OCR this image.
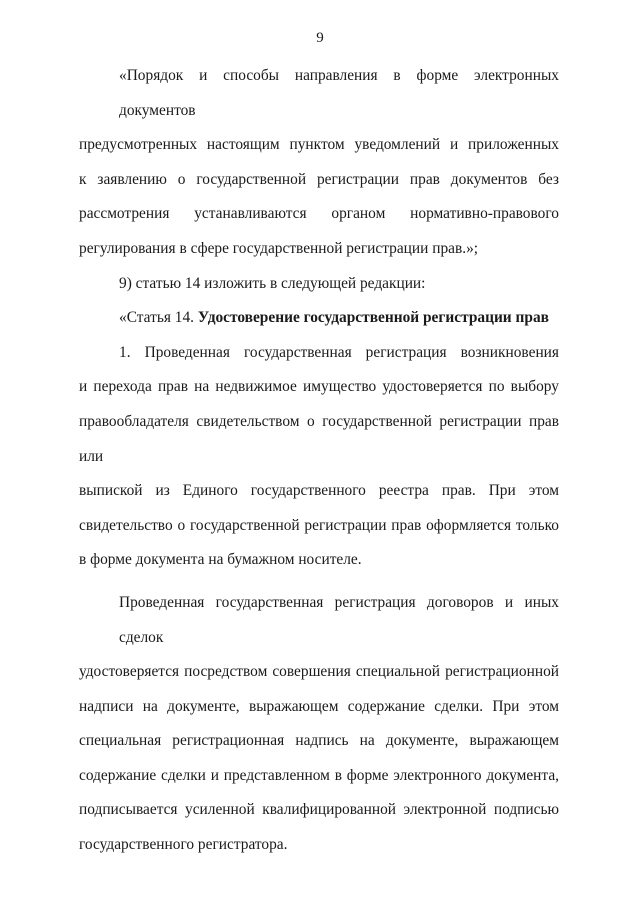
9
«Порядок и способы направления в форме электронных документов
предусмотренных настоящим пунктом уведомлений и приложенных
к заявлению о государственной регистрации прав документов без
рассмотрения устанавливаются органом нормативно-правового
регулирования в сфере государственной регистрации прав.»;

9) статью 14 изложить в следующей редакции:

«Статья 14. Удостоверение государственной регистрации прав

1. Проведенная государственная регистрация возникновения
и перехода прав на недвижимое имущество удостоверяется по выбору
правообладателя свидетельством о государственной регистрации прав или
выпиской из Единого государственного реестра прав. При этом
свидетельство о государственной регистрации прав оформляется только
в форме документа на бумажном носителе.
Проведенная государственная регистрация договоров и иных сделок
удостоверяется посредством совершения специальной регистрационной
надписи на документе, выражающем содержание сделки. При этом
специальная регистрационная надпись на документе, выражающем
содержание сделки и представленном в форме электронного документа,
подписывается усиленной квалифицированной электронной подписью
государственного регистратора.
